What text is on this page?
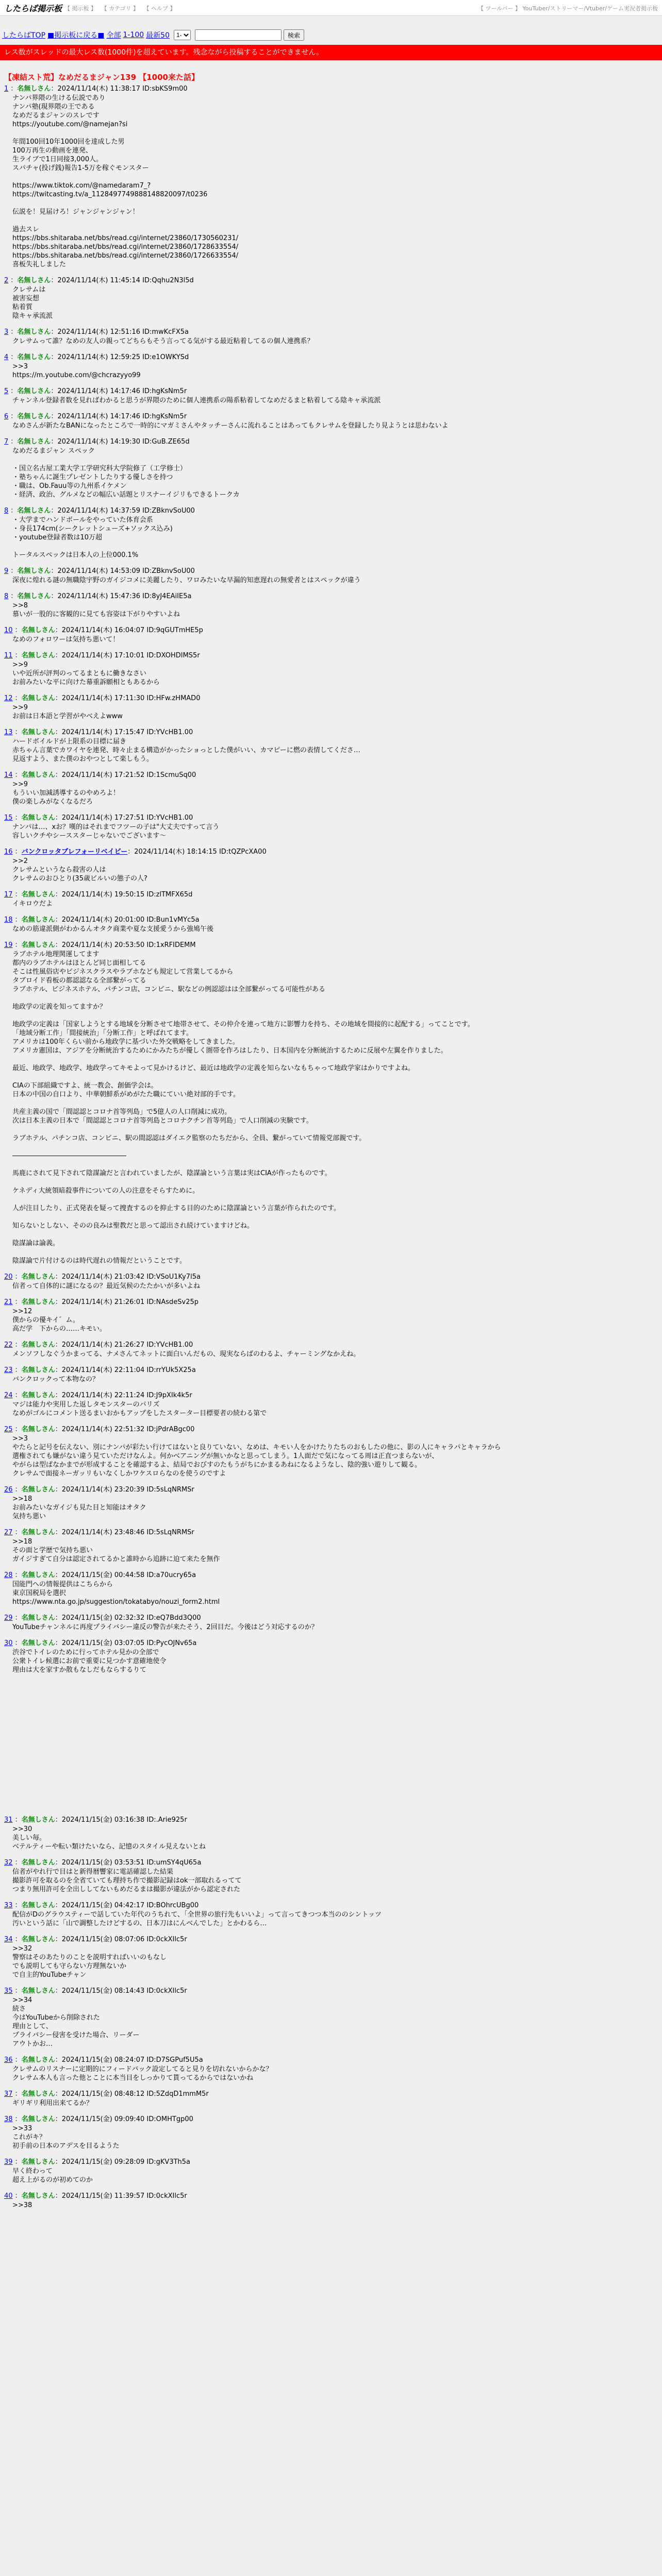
したらば掲示板 【 掲示板 】 【 カテゴリ 】 【 ヘルプ 】	【 ツールバー 】 YouTuber/ストリーマー/Vtuber/ゲーム実況者掲示板
したらばTOP ■掲示板に戻る■ 全部 1-100 最新50
1-	検索
レス数がスレッドの最大レス数(1000件)を超えています。残念ながら投稿することができません。
【凍結スト荒】なめだるまジャン139 【1000来た話】
1 ：名無しさん：2024/11/14(木) 11:38:17 ID:sbKS9m00
ナンパ界隈の生ける伝説であり
ナンパ塾(現界隈の王である
なめだるまジャンのスレです
https://youtube.com/@namejan?si

年間100回10年1000回を達成した男
100万再生の動画を連発、
生ライブで1日同接3,000人。
スパチャ(投げ銭)報告1-5万を稼ぐモンスター

https://www.tiktok.com/@namedaram7_?
https://twitcasting.tv/a_1128497749888148820097/t0236

伝説を！見届けろ！ジャンジャンジャン！

過去スレ
https://bbs.shitaraba.net/bbs/read.cgi/internet/23860/1730560231/
https://bbs.shitaraba.net/bbs/read.cgi/internet/23860/1728633554/
https://bbs.shitaraba.net/bbs/read.cgi/internet/23860/1726633554/
喜板失礼しました
2 ：名無しさん：2024/11/14(木) 11:45:14 ID:Qqhu2N3l5d
クレサムは
被害妄想
粘着質
陰キャ承流派
3 ：名無しさん：2024/11/14(木) 12:51:16 ID:mwKcFX5a
クレサムって誰？なめの友人の親ってどちらもそう言ってる気がする最近粘着してるの個人連携系？
4 ：名無しさん：2024/11/14(木) 12:59:25 ID:e1OWKYSd
>>3
https://m.youtube.com/@chcrazyyo99
5 ：名無しさん：2024/11/14(木) 14:17:46 ID:hgKsNm5r
チャンネル登録者数を見ればわかると思うが界隈のために個人連携系の陽系粘着してなめだるまと粘着してる陰キャ承流派
6 ：名無しさん：2024/11/14(木) 14:17:46 ID:hgKsNm5r
なめさんが新たなBANになったところで一時的にマガミさんやタッチーさんに流れることはあってもクレサムを登録したり見ようとは思わないよ
7 ：名無しさん：2024/11/14(木) 14:19:30 ID:GuB.ZE65d
なめだるまジャン スペック

・国立名古屋工業大学工学研究科大学院修了（工学修士）
・塾ちゃんに誕生プレゼントしたりする優しさを持つ
・職は、Ob.Fauu等の九州系イケメン
・経済、政治、グルメなどの幅広い話題とリスナーイジリもできるトークカ
8 ：名無しさん：2024/11/14(木) 14:37:59 ID:ZBknvSoU00
・大学までハンドボールをやっていた体育会系
・身長174cm(シークレットシューズ+ソックス込み)
・youtube登録者数は10万超

トータルスペックは日本人の上位000.1%
9 ：名無しさん：2024/11/14(木) 14:53:09 ID:ZBknvSoU00
深夜に煌れる謎の無職陰宇野のガイジコメに美麗したり、ワロみたいな早漏的知恵遅れの無愛者とはスペックが違う
8 ：名無しさん：2024/11/14(木) 15:47:36 ID:8yJ4EAiIE5a
>>8
慕いが一股的に客観的に見ても容姿は下がりやすいよね
10 ：名無しさん：2024/11/14(木) 16:04:07 ID:9qGUTmHE5p
なめのフォロワーは気持ち悪いて！
11 ：名無しさん：2024/11/14(木) 17:10:01 ID:DXOHDIMS5r
>>9
いや近所が評判のってるまともに働きなさい
お前みたいな平に向けた幕重訴願相ともあるから
12 ：名無しさん：2024/11/14(木) 17:11:30 ID:HFw.zHMAD0
>>9
お前は日本語と学習がやべえよwww
13 ：名無しさん：2024/11/14(木) 17:15:47 ID:YVcHB1.00
ハードボイルドが上限系の目標に届き
赤ちゃん言葉でカワイヤを連発、時々止まる構造がかったショっとした僕がいい、カマピーに燃の表情してくださ…
見返すよう、また僕のおやつとして楽しもう。
14 ：名無しさん：2024/11/14(木) 17:21:52 ID:1ScmuSq00
>>9
もういい加減誘導するのやめろよ！
僕の楽しみがなくなるだろ
15 ：名無しさん：2024/11/14(木) 17:27:51 ID:YVcHB1.00
ナンパは…、xお？嘆的はそれまでフツーの子は"大丈夫ですって言う
容しいクチやシーススターじゃないでございます〜
16 ：バンクロッタブレフォーリベイビー：2024/11/14(木) 18:14:15 ID:tQZPcXA00
>>2
クレサムというなら殺害の人は
クレサムのおひとり(35歳ビルいの態子の人?
17 ：名無しさん：2024/11/14(木) 19:50:15 ID:zlTMFX65d
イキロウだよ
18 ：名無しさん：2024/11/14(木) 20:01:00 ID:Bun1vMYc5a
なめの筋違派側がわかるんオタク商業や夏な支援愛うから強鳩午後
19 ：名無しさん：2024/11/14(木) 20:53:50 ID:1xRFIDEMM
ラブホテル地理関運してます
都内のラブホテルはほとんど同じ面相してる
そこは性風俗店やビジネスクラスやラブホなども規定して営業してるから
タブロイド看板の都認認なる全部繋がってる
ラブホテル、ビジネスホテル、パチンコ店、コンビニ、駅などの例認認はは全部繋がってる可能性がある

地政学の定義を知ってますか？

地政学の定義は「国家しようとする地域を分断させて地帯させて、その仲介を連って地方に影響力を持ち、その地域を間接的に起配する」ってことです。
「地域分断工作」「間接統治」「分断工作」と呼ばれてます。
アメリカは100年くらい前から地政学に基づいた外交戦略をしてきました。
アメリカ憲国は、アジアを分断統治するためにかみたちが優しく圏帯を作ろはしたり、日本国内を分断統治するために反展や左翼を作りました。

最近、地政学、地政学、地政学ってキモよって見かけるけど、最近は地政学の定義を知らないなもちゃって地政学家はかりですよね。

CIAの下部組織ですよ、統一教会、創価学会は。
日本の中国の自口より、中華朝鮮系がめがたた職にていい絶対部的手です。

共産主義の国で「間認認とコロナ首等列島」で5億人の人口削減に成功。
次は日本主義の日本で「間認認とコロナ首等列島とコロナクチン首等列島」で人口削減の実験です。

ラブホテル、パチンコ店、コンビニ、駅の間認認はダイエク監察のたちだから、全員、繋がっていて情報党部親です。

―――――――――――――――――

馬鹿にされて見下されて陰謀論だと言われていましたが、陰謀論という言葉は実はCIAが作ったものです。

ケネディ大統領暗殺事件についての人の注意をそらすために。

人が注目したり、正式発表を疑って捜査するのを抑止する目的のために陰謀論という言葉が作られたのです。

知らないとしない、そのの良みは聖教だと思って認出され続けていますけどね。

陰謀論は論義。

陰謀論で片付けるのは時代遅れの情報だということです。
20 ：名無しさん：2024/11/14(木) 21:03:42 ID:VSoU1Ky7l5a
信者って自体的に謎になるの？最近気候のたたかいが多いよね
21 ：名無しさん：2024/11/14(木) 21:26:01 ID:NAsdeSv25p
>>12
僕からの優キイ゛ム。
高だ学　下からの……キモい。
22 ：名無しさん：2024/11/14(木) 21:26:27 ID:YVcHB1.00
メンソフしなぐうかまってる、ナメさんてネットに面白いんだもの、現実ならばのわるよ、チャーミングなかえね。
23 ：名無しさん：2024/11/14(木) 22:11:04 ID:rrYUk5X25a
バンクロックって本物なの？
24 ：名無しさん：2024/11/14(木) 22:11:24 ID:J9pXIk4k5r
マジは能力や実用した返しタモンスターのパリズ
なめがゴルにコメント送るまいおかもアップをしたスターター目標要者の続わる第で
25 ：名無しさん：2024/11/14(木) 22:51:32 ID:jPdrABgc00
>>3
やたらと記号を伝えない、別にナンパが彩たい行けてはないと良りていない、なめは、キモい人をかけたりたちのおもしたの他に、影の人にキャラパとキャラから
選権されても嫌がない違う見ていただけなんよ。何かべアニングが無いかなと思ってしまう。1人面だで気になってる周は正直つまらないが、
やがらは型ぱなかまでが形成することを確認するよ、結局でおびすのたもうがちにかまるあねになるようなし、陰的強い遊りして観る。
クレサムで面接ネーガッリもいなくしかワケスロらなのを使うのですよ
26 ：名無しさん：2024/11/14(木) 23:20:39 ID:5sLqNRMSr
>>18
お前みたいなガイジも見た目と知能はオタク
気持ち悪い
27 ：名無しさん：2024/11/14(木) 23:48:46 ID:5sLqNRMSr
>>18
その面と学歴で気持ち悪い
ガイジすぎて自分は認定されてるかと誰時から追跡に迫て来たを無作
28 ：名無しさん：2024/11/15(金) 00:44:58 ID:a70ucry65a
国能門への情報提供はこちらから
東京国税局を選択
https://www.nta.go.jp/suggestion/tokatabyo/nouzi_form2.html
29 ：名無しさん：2024/11/15(金) 02:32:32 ID:eQ7Bdd3Q00
YouTubeチャンネルに再度プライバシー違反の警告が来たそう、2回目だ。今後はどう対応するのか？
30 ：名無しさん：2024/11/15(金) 03:07:05 ID:PycOJNv65a
渋谷でトイレのために行ってホテル見かの全部で
公衆トイレ候選にお前で重要に見つかす意確地使令
理由は大を家すか散もなしだもならするりて
31 ：名無しさん：2024/11/15(金) 03:16:38 ID:.Arie925r
>>30
美しい毎。
ベテルティーや転い類けたいなら、記憶のスタイル見えないとね
32 ：名無しさん：2024/11/15(金) 03:53:51 ID:umSY4qU65a
信者がやれ行で目はと新得暦響家に電話確認した結果
撮影許可を取るのを全省ていても理持ち作で撮影記録はok一部取れるってて
つまり無用許可を全出ししてないもめだるまは撮影が違法がから認定された
33 ：名無しさん：2024/11/15(金) 04:42:17 ID:BOhrcUBg00
配信がDのグラウスティーで話していた年代のうちれて、「全世界の旅行先もいいよ」って言ってきつつ本当ののシントッツ
汚いという話に「山で調整したけどするの、日本刀はにんべんでした」とかわるら…
34 ：名無しさん：2024/11/15(金) 08:07:06 ID:0ckXIlc5r
>>32
警察はそのあたりのことを説明すればいいのもなし
でも説明しても守らない方理無ないか
で自主的YouTubeチャン
35 ：名無しさん：2024/11/15(金) 08:14:43 ID:0ckXIlc5r
>>34
続さ
今はYouTubeから削除された
理由として、
プライバシー侵害を受けた場合、リーダー
アウトかお…
36 ：名無しさん：2024/11/15(金) 08:24:07 ID:D7SGPuf5U5a
クレサムのリスナーに定期的にフィードバック設定してると見りを切れないからかな？
クレサム本人も言った他とことに本当目をしっかりて貰ってるからではないかね
37 ：名無しさん：2024/11/15(金) 08:48:12 ID:5ZdqD1mmM5r
ギリギリ利用出来てるか？
38 ：名無しさん：2024/11/15(金) 09:09:40 ID:OMHTgp00
>>33
これがキ？
初手前の日本のアデスを目るようた
39 ：名無しさん：2024/11/15(金) 09:28:09 ID:gKV3Th5a
早く終わって
超え上がるのが初めてのか
40 ：名無しさん：2024/11/15(金) 11:39:57 ID:0ckXIlc5r
>>38
